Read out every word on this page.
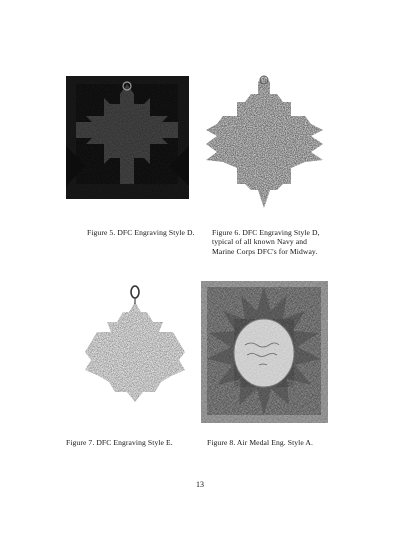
Figure 5. DFC Engraving Style D.	Figure 6. DFC Engraving Style D,
typical of all known Navy and
Marine Corps DFC's for Midway.
Figure 7. DFC Engraving Style E.	Figure 8. Air Medal Eng. Style A.
13
